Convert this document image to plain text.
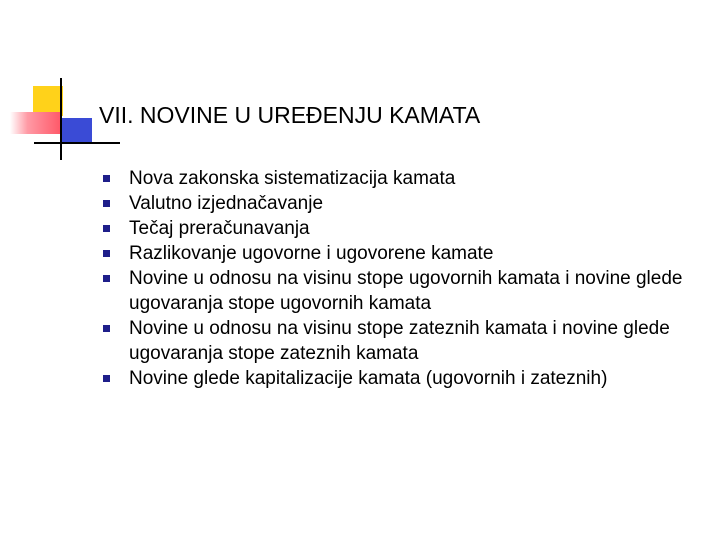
VII. NOVINE U UREĐENJU KAMATA
Nova zakonska sistematizacija kamata
Valutno izjednačavanje
Tečaj preračunavanja
Razlikovanje ugovorne i ugovorene kamate
Novine u odnosu na visinu stope ugovornih kamata i novine glede ugovaranja stope ugovornih kamata
Novine u odnosu na visinu stope zateznih kamata i novine glede ugovaranja stope zateznih kamata
Novine glede kapitalizacije kamata (ugovornih i zateznih)
